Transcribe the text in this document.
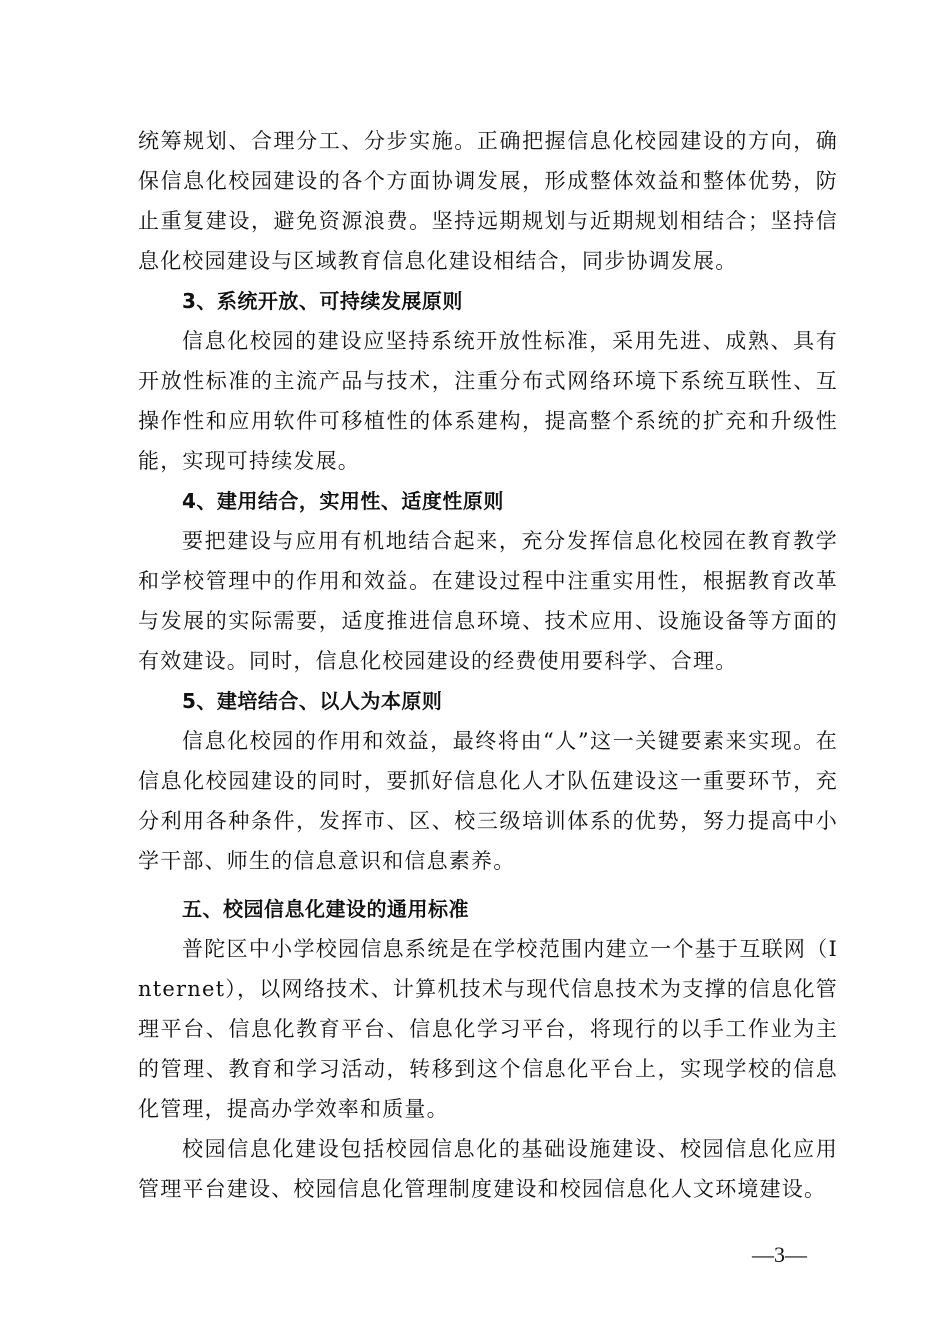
统筹规划、合理分工、分步实施。正确把握信息化校园建设的方向，确保信息化校园建设的各个方面协调发展，形成整体效益和整体优势，防止重复建设，避免资源浪费。坚持远期规划与近期规划相结合；坚持信息化校园建设与区域教育信息化建设相结合，同步协调发展。

3、系统开放、可持续发展原则

信息化校园的建设应坚持系统开放性标准，采用先进、成熟、具有开放性标准的主流产品与技术，注重分布式网络环境下系统互联性、互操作性和应用软件可移植性的体系建构，提高整个系统的扩充和升级性能，实现可持续发展。

4、建用结合，实用性、适度性原则

要把建设与应用有机地结合起来，充分发挥信息化校园在教育教学和学校管理中的作用和效益。在建设过程中注重实用性，根据教育改革与发展的实际需要，适度推进信息环境、技术应用、设施设备等方面的有效建设。同时，信息化校园建设的经费使用要科学、合理。

5、建培结合、以人为本原则

信息化校园的作用和效益，最终将由“人”这一关键要素来实现。在信息化校园建设的同时，要抓好信息化人才队伍建设这一重要环节，充分利用各种条件，发挥市、区、校三级培训体系的优势，努力提高中小学干部、师生的信息意识和信息素养。

五、校园信息化建设的通用标准

普陀区中小学校园信息系统是在学校范围内建立一个基于互联网（Internet），以网络技术、计算机技术与现代信息技术为支撑的信息化管理平台、信息化教育平台、信息化学习平台，将现行的以手工作业为主的管理、教育和学习活动，转移到这个信息化平台上，实现学校的信息化管理，提高办学效率和质量。

校园信息化建设包括校园信息化的基础设施建设、校园信息化应用管理平台建设、校园信息化管理制度建设和校园信息化人文环境建设。

—3—
